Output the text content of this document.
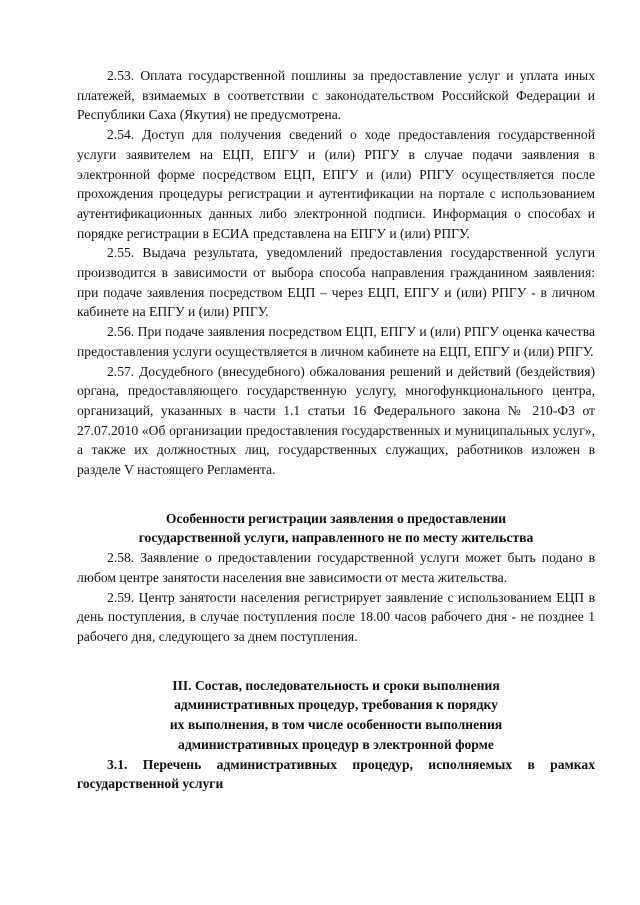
2.53. Оплата государственной пошлины за предоставление услуг и уплата иных платежей, взимаемых в соответствии с законодательством Российской Федерации и Республики Саха (Якутия) не предусмотрена.

2.54. Доступ для получения сведений о ходе предоставления государственной услуги заявителем на ЕЦП, ЕПГУ и (или) РПГУ в случае подачи заявления в электронной форме посредством ЕЦП, ЕПГУ и (или) РПГУ осуществляется после прохождения процедуры регистрации и аутентификации на портале с использованием аутентификационных данных либо электронной подписи. Информация о способах и порядке регистрации в ЕСИА представлена на ЕПГУ и (или) РПГУ.

2.55. Выдача результата, уведомлений предоставления государственной услуги производится в зависимости от выбора способа направления гражданином заявления: при подаче заявления посредством ЕЦП – через ЕЦП, ЕПГУ и (или) РПГУ - в личном кабинете на ЕПГУ и (или) РПГУ.

2.56. При подаче заявления посредством ЕЦП, ЕПГУ и (или) РПГУ оценка качества предоставления услуги осуществляется в личном кабинете на ЕЦП, ЕПГУ и (или) РПГУ.

2.57. Досудебного (внесудебного) обжалования решений и действий (бездействия) органа, предоставляющего государственную услугу, многофункционального центра, организаций, указанных в части 1.1 статьи 16 Федерального закона № 210-ФЗ от 27.07.2010 «Об организации предоставления государственных и муниципальных услуг», а также их должностных лиц, государственных служащих, работников изложен в разделе V настоящего Регламента.

Особенности регистрации заявления о предоставлении

государственной услуги, направленного не по месту жительства

2.58. Заявление о предоставлении государственной услуги может быть подано в любом центре занятости населения вне зависимости от места жительства.

2.59. Центр занятости населения регистрирует заявление с использованием ЕЦП в день поступления, в случае поступления после 18.00 часов рабочего дня - не позднее 1 рабочего дня, следующего за днем поступления.

III. Состав, последовательность и сроки выполнения

административных процедур, требования к порядку

их выполнения, в том числе особенности выполнения

административных процедур в электронной форме

3.1. Перечень административных процедур, исполняемых в рамках государственной услуги
